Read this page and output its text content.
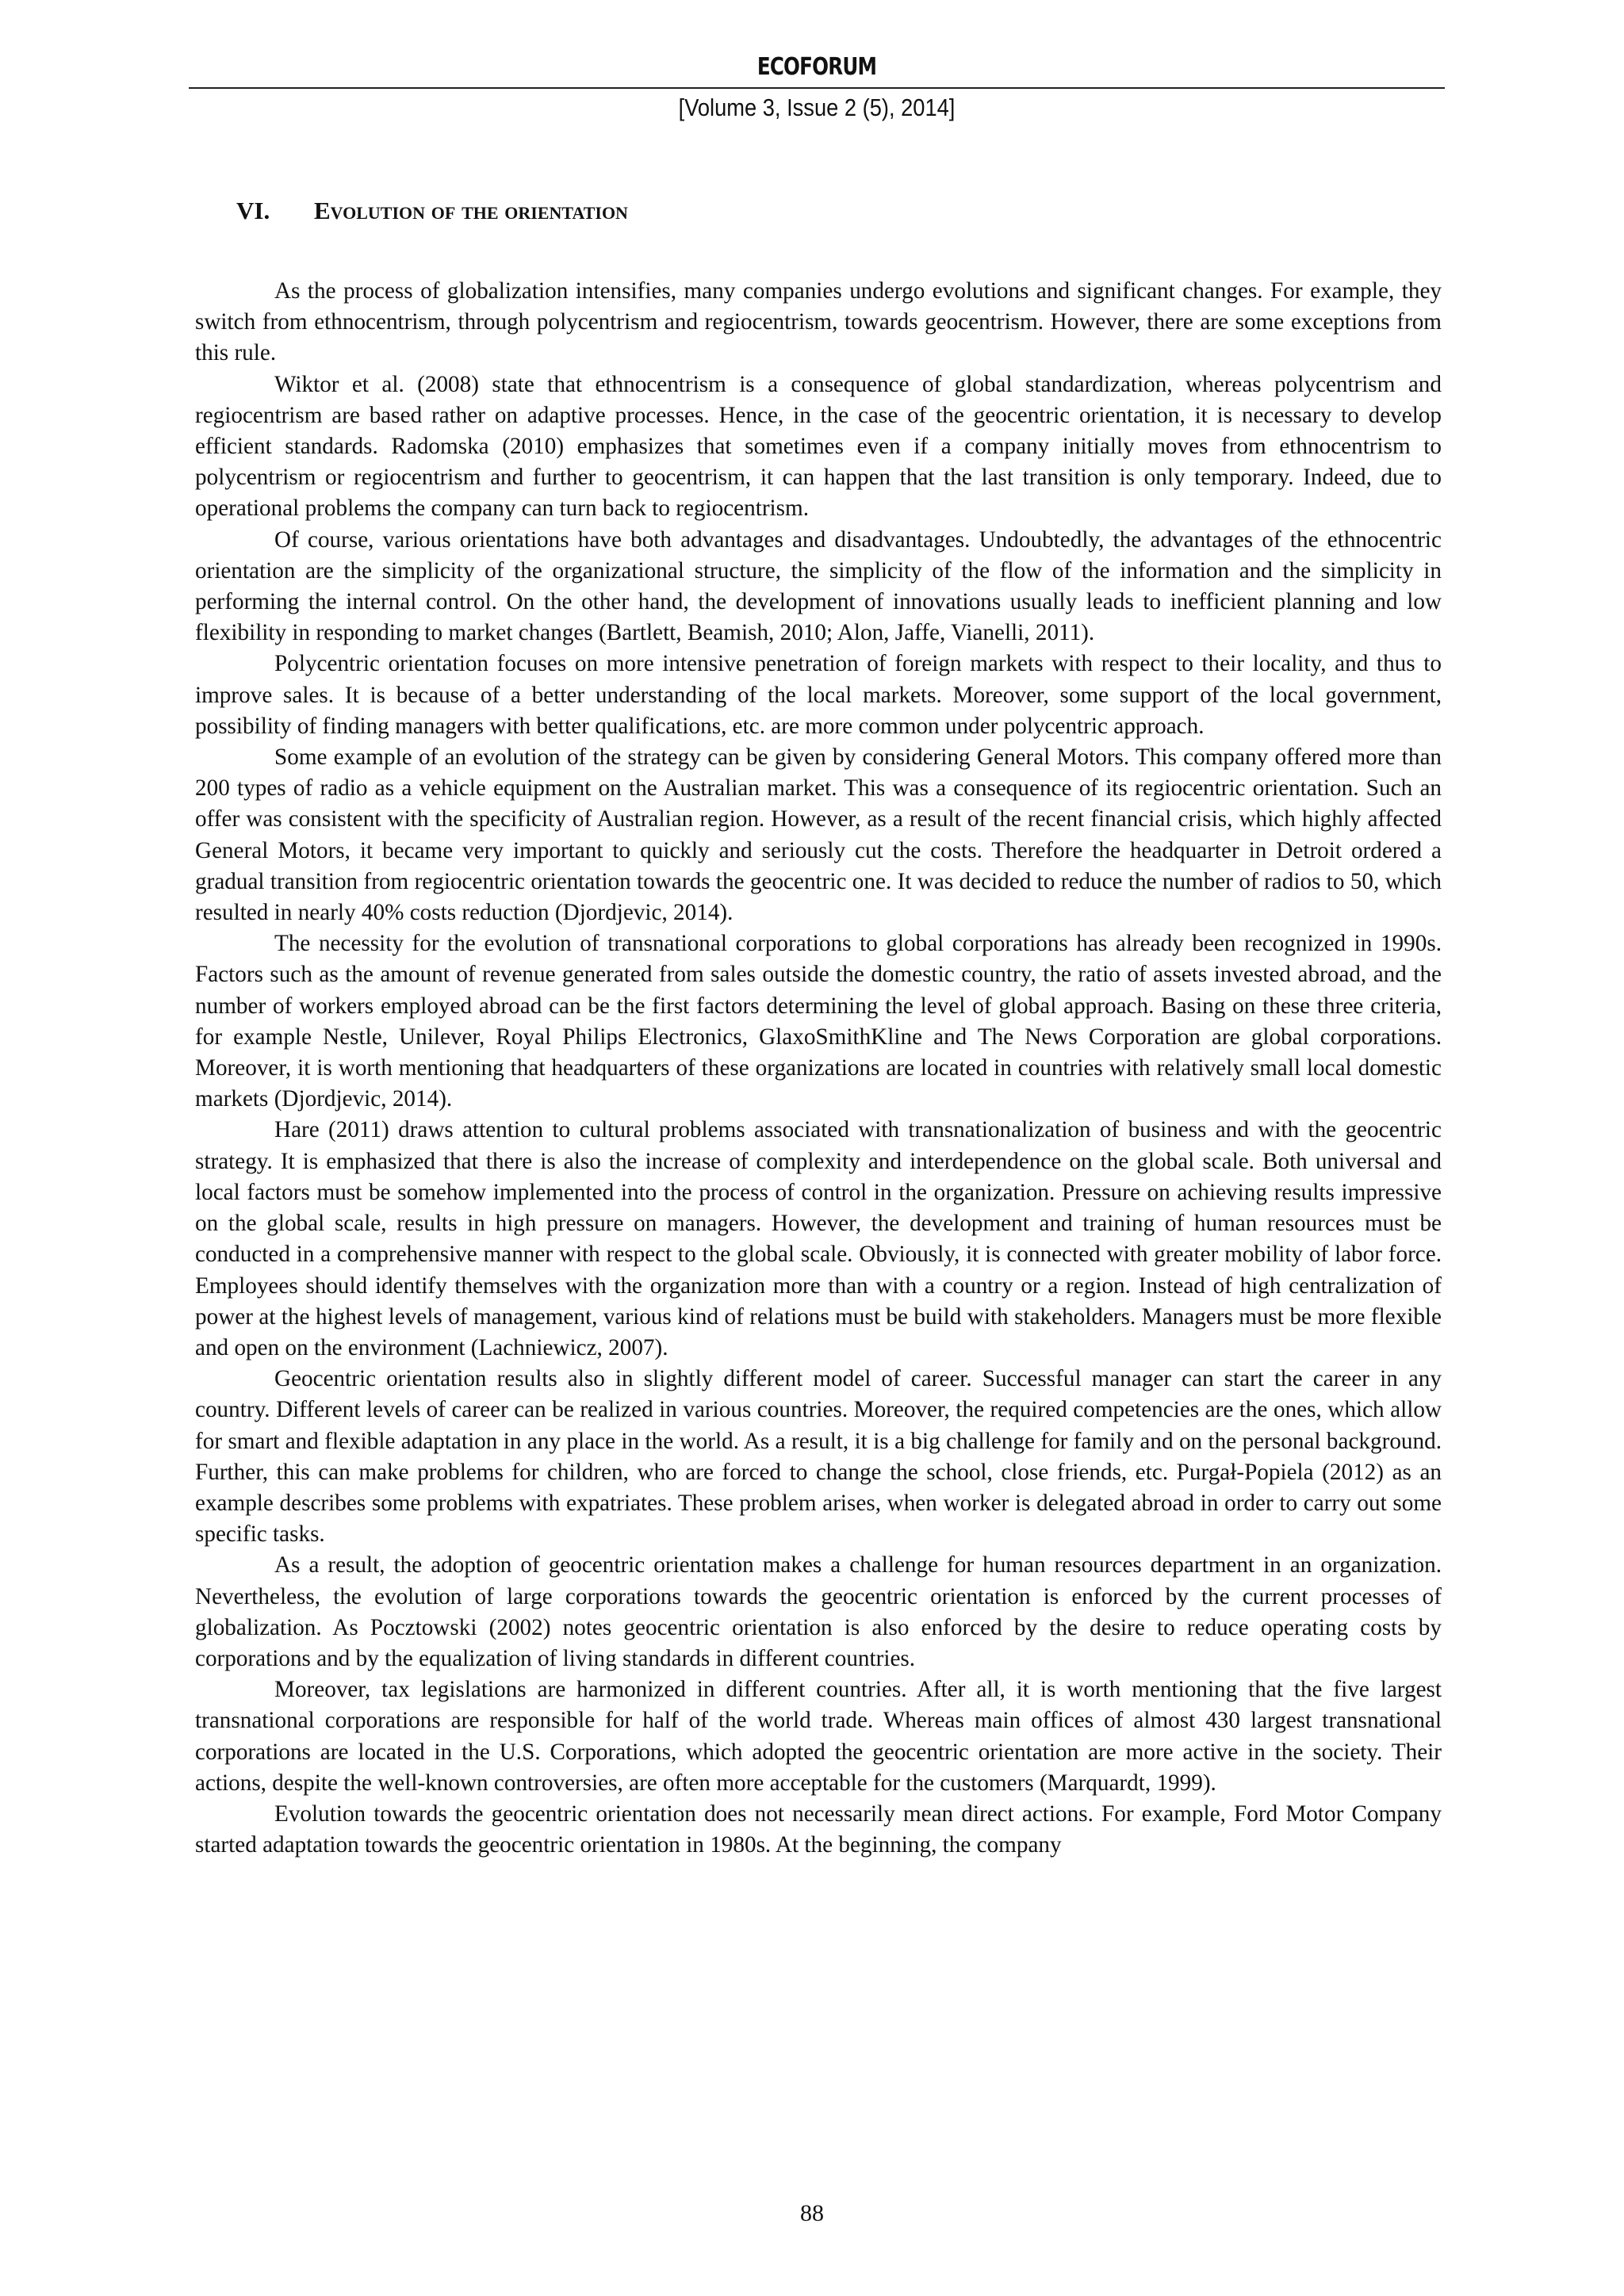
ECOFORUM
[Volume 3, Issue 2 (5), 2014]
VI. Evolution of the orientation

As the process of globalization intensifies, many companies undergo evolutions and significant changes. For example, they switch from ethnocentrism, through polycentrism and regiocentrism, towards geocentrism. However, there are some exceptions from this rule.

Wiktor et al. (2008) state that ethnocentrism is a consequence of global standardization, whereas polycentrism and regiocentrism are based rather on adaptive processes. Hence, in the case of the geocentric orientation, it is necessary to develop efficient standards. Radomska (2010) emphasizes that sometimes even if a company initially moves from ethnocentrism to polycentrism or regiocentrism and further to geocentrism, it can happen that the last transition is only temporary. Indeed, due to operational problems the company can turn back to regiocentrism.

Of course, various orientations have both advantages and disadvantages. Undoubtedly, the advantages of the ethnocentric orientation are the simplicity of the organizational structure, the simplicity of the flow of the information and the simplicity in performing the internal control. On the other hand, the development of innovations usually leads to inefficient planning and low flexibility in responding to market changes (Bartlett, Beamish, 2010; Alon, Jaffe, Vianelli, 2011).

Polycentric orientation focuses on more intensive penetration of foreign markets with respect to their locality, and thus to improve sales. It is because of a better understanding of the local markets. Moreover, some support of the local government, possibility of finding managers with better qualifications, etc. are more common under polycentric approach.

Some example of an evolution of the strategy can be given by considering General Motors. This company offered more than 200 types of radio as a vehicle equipment on the Australian market. This was a consequence of its regiocentric orientation. Such an offer was consistent with the specificity of Australian region. However, as a result of the recent financial crisis, which highly affected General Motors, it became very important to quickly and seriously cut the costs. Therefore the headquarter in Detroit ordered a gradual transition from regiocentric orientation towards the geocentric one. It was decided to reduce the number of radios to 50, which resulted in nearly 40% costs reduction (Djordjevic, 2014).

The necessity for the evolution of transnational corporations to global corporations has already been recognized in 1990s. Factors such as the amount of revenue generated from sales outside the domestic country, the ratio of assets invested abroad, and the number of workers employed abroad can be the first factors determining the level of global approach. Basing on these three criteria, for example Nestle, Unilever, Royal Philips Electronics, GlaxoSmithKline and The News Corporation are global corporations. Moreover, it is worth mentioning that headquarters of these organizations are located in countries with relatively small local domestic markets (Djordjevic, 2014).

Hare (2011) draws attention to cultural problems associated with transnationalization of business and with the geocentric strategy. It is emphasized that there is also the increase of complexity and interdependence on the global scale. Both universal and local factors must be somehow implemented into the process of control in the organization. Pressure on achieving results impressive on the global scale, results in high pressure on managers. However, the development and training of human resources must be conducted in a comprehensive manner with respect to the global scale. Obviously, it is connected with greater mobility of labor force. Employees should identify themselves with the organization more than with a country or a region. Instead of high centralization of power at the highest levels of management, various kind of relations must be build with stakeholders. Managers must be more flexible and open on the environment (Lachniewicz, 2007).

Geocentric orientation results also in slightly different model of career. Successful manager can start the career in any country. Different levels of career can be realized in various countries. Moreover, the required competencies are the ones, which allow for smart and flexible adaptation in any place in the world. As a result, it is a big challenge for family and on the personal background. Further, this can make problems for children, who are forced to change the school, close friends, etc. Purgał-Popiela (2012) as an example describes some problems with expatriates. These problem arises, when worker is delegated abroad in order to carry out some specific tasks.

As a result, the adoption of geocentric orientation makes a challenge for human resources department in an organization. Nevertheless, the evolution of large corporations towards the geocentric orientation is enforced by the current processes of globalization. As Pocztowski (2002) notes geocentric orientation is also enforced by the desire to reduce operating costs by corporations and by the equalization of living standards in different countries.

Moreover, tax legislations are harmonized in different countries. After all, it is worth mentioning that the five largest transnational corporations are responsible for half of the world trade. Whereas main offices of almost 430 largest transnational corporations are located in the U.S. Corporations, which adopted the geocentric orientation are more active in the society. Their actions, despite the well-known controversies, are often more acceptable for the customers (Marquardt, 1999).

Evolution towards the geocentric orientation does not necessarily mean direct actions. For example, Ford Motor Company started adaptation towards the geocentric orientation in 1980s. At the beginning, the company

88
